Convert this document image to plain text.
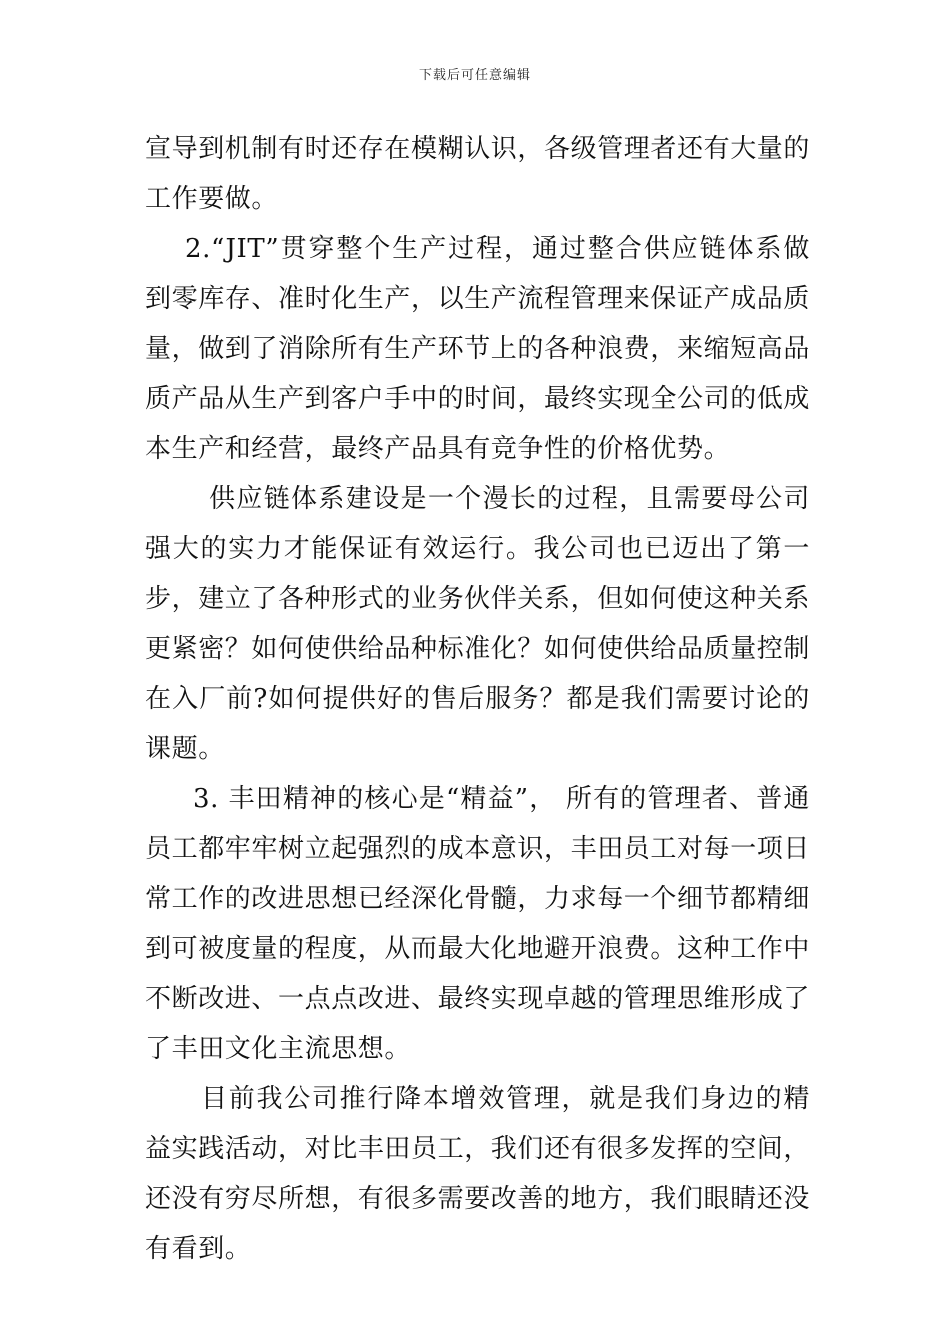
下载后可任意编辑

宣导到机制有时还存在模糊认识，各级管理者还有大量的工作要做。

2.“JIT”贯穿整个生产过程，通过整合供应链体系做到零库存、准时化生产，以生产流程管理来保证产成品质量，做到了消除所有生产环节上的各种浪费，来缩短高品质产品从生产到客户手中的时间，最终实现全公司的低成本生产和经营，最终产品具有竞争性的价格优势。

供应链体系建设是一个漫长的过程，且需要母公司强大的实力才能保证有效运行。我公司也已迈出了第一步，建立了各种形式的业务伙伴关系，但如何使这种关系更紧密？如何使供给品种标准化？如何使供给品质量控制在入厂前?如何提供好的售后服务？都是我们需要讨论的课题。

3. 丰田精神的核心是“精益”， 所有的管理者、普通员工都牢牢树立起强烈的成本意识，丰田员工对每一项日常工作的改进思想已经深化骨髓，力求每一个细节都精细到可被度量的程度，从而最大化地避开浪费。这种工作中不断改进、一点点改进、最终实现卓越的管理思维形成了了丰田文化主流思想。

目前我公司推行降本增效管理，就是我们身边的精益实践活动，对比丰田员工，我们还有很多发挥的空间，还没有穷尽所想，有很多需要改善的地方，我们眼睛还没有看到。
